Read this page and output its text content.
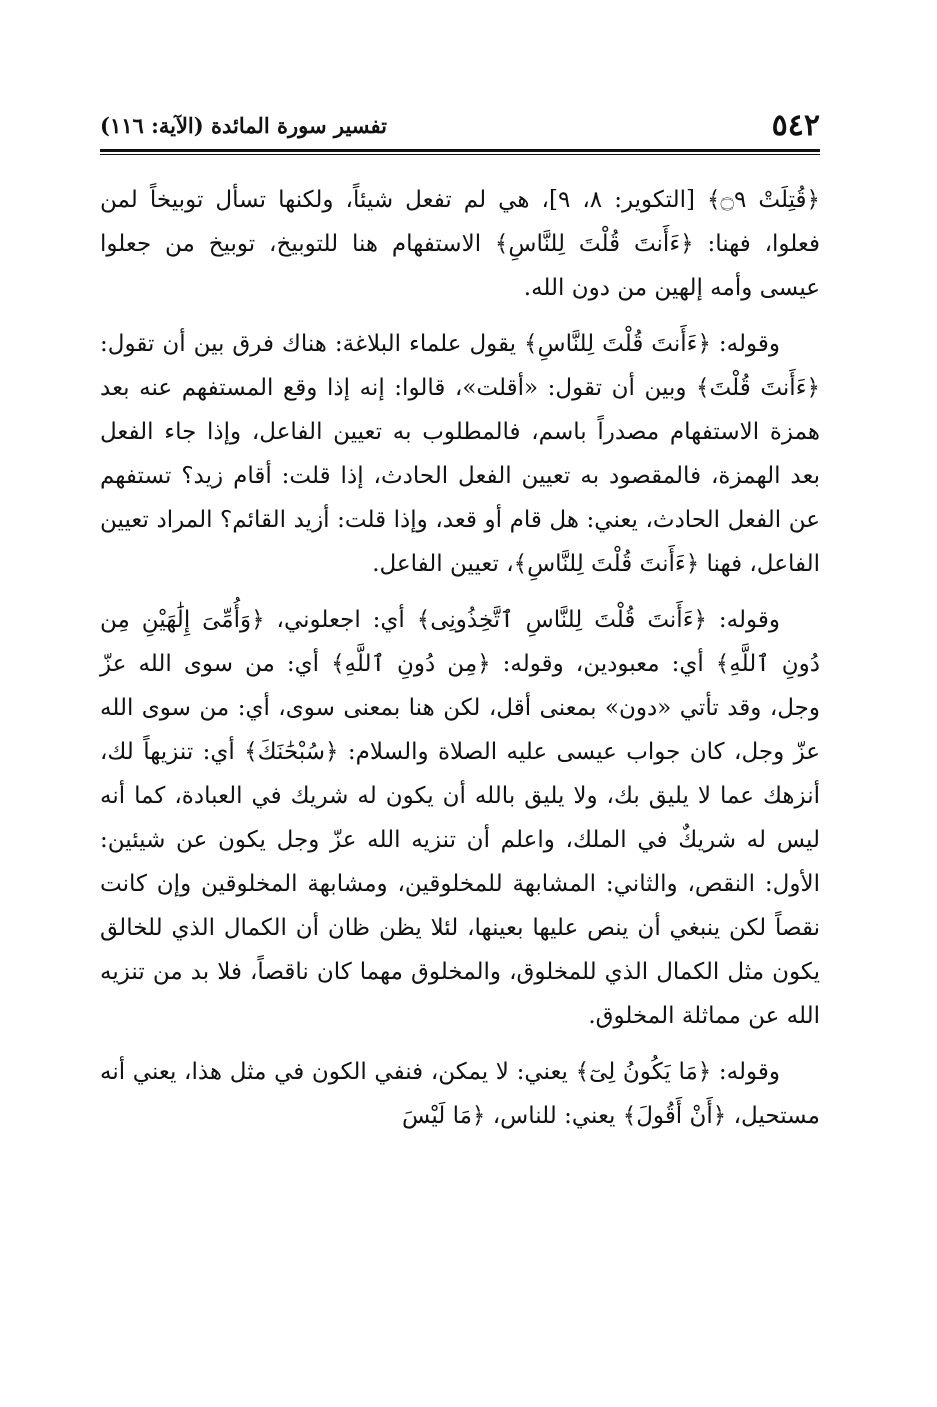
٥٤٢
تفسير سورة المائدة (الآية: ١١٦)

﴿قُتِلَتْ ۝٩﴾ [التكوير: ٨، ٩]، هي لم تفعل شيئاً، ولكنها تسأل توبيخاً لمن فعلوا، فهنا: ﴿ءَأَنتَ قُلْتَ لِلنَّاسِ﴾ الاستفهام هنا للتوبيخ، توبيخ من جعلوا عيسى وأمه إلهين من دون الله.

وقوله: ﴿ءَأَنتَ قُلْتَ لِلنَّاسِ﴾ يقول علماء البلاغة: هناك فرق بين أن تقول: ﴿ءَأَنتَ قُلْتَ﴾ وبين أن تقول: «أقلت»، قالوا: إنه إذا وقع المستفهم عنه بعد همزة الاستفهام مصدراً باسم، فالمطلوب به تعيين الفاعل، وإذا جاء الفعل بعد الهمزة، فالمقصود به تعيين الفعل الحادث، إذا قلت: أقام زيد؟ تستفهم عن الفعل الحادث، يعني: هل قام أو قعد، وإذا قلت: أزيد القائم؟ المراد تعيين الفاعل، فهنا ﴿ءَأَنتَ قُلْتَ لِلنَّاسِ﴾، تعيين الفاعل.

وقوله: ﴿ءَأَنتَ قُلْتَ لِلنَّاسِ ٱتَّخِذُونِى﴾ أي: اجعلوني، ﴿وَأُمِّىَ إِلَٰهَيْنِ مِن دُونِ ٱللَّهِ﴾ أي: معبودين، وقوله: ﴿مِن دُونِ ٱللَّهِ﴾ أي: من سوى الله عزّ وجل، وقد تأتي «دون» بمعنى أقل، لكن هنا بمعنى سوى، أي: من سوى الله عزّ وجل، كان جواب عيسى عليه الصلاة والسلام: ﴿سُبْحَٰنَكَ﴾ أي: تنزيهاً لك، أنزهك عما لا يليق بك، ولا يليق بالله أن يكون له شريك في العبادة، كما أنه ليس له شريكٌ في الملك، واعلم أن تنزيه الله عزّ وجل يكون عن شيئين: الأول: النقص، والثاني: المشابهة للمخلوقين، ومشابهة المخلوقين وإن كانت نقصاً لكن ينبغي أن ينص عليها بعينها، لئلا يظن ظان أن الكمال الذي للخالق يكون مثل الكمال الذي للمخلوق، والمخلوق مهما كان ناقصاً، فلا بد من تنزيه الله عن مماثلة المخلوق.

وقوله: ﴿مَا يَكُونُ لِىٓ﴾ يعني: لا يمكن، فنفي الكون في مثل هذا، يعني أنه مستحيل، ﴿أَنْ أَقُولَ﴾ يعني: للناس، ﴿مَا لَيْسَ
